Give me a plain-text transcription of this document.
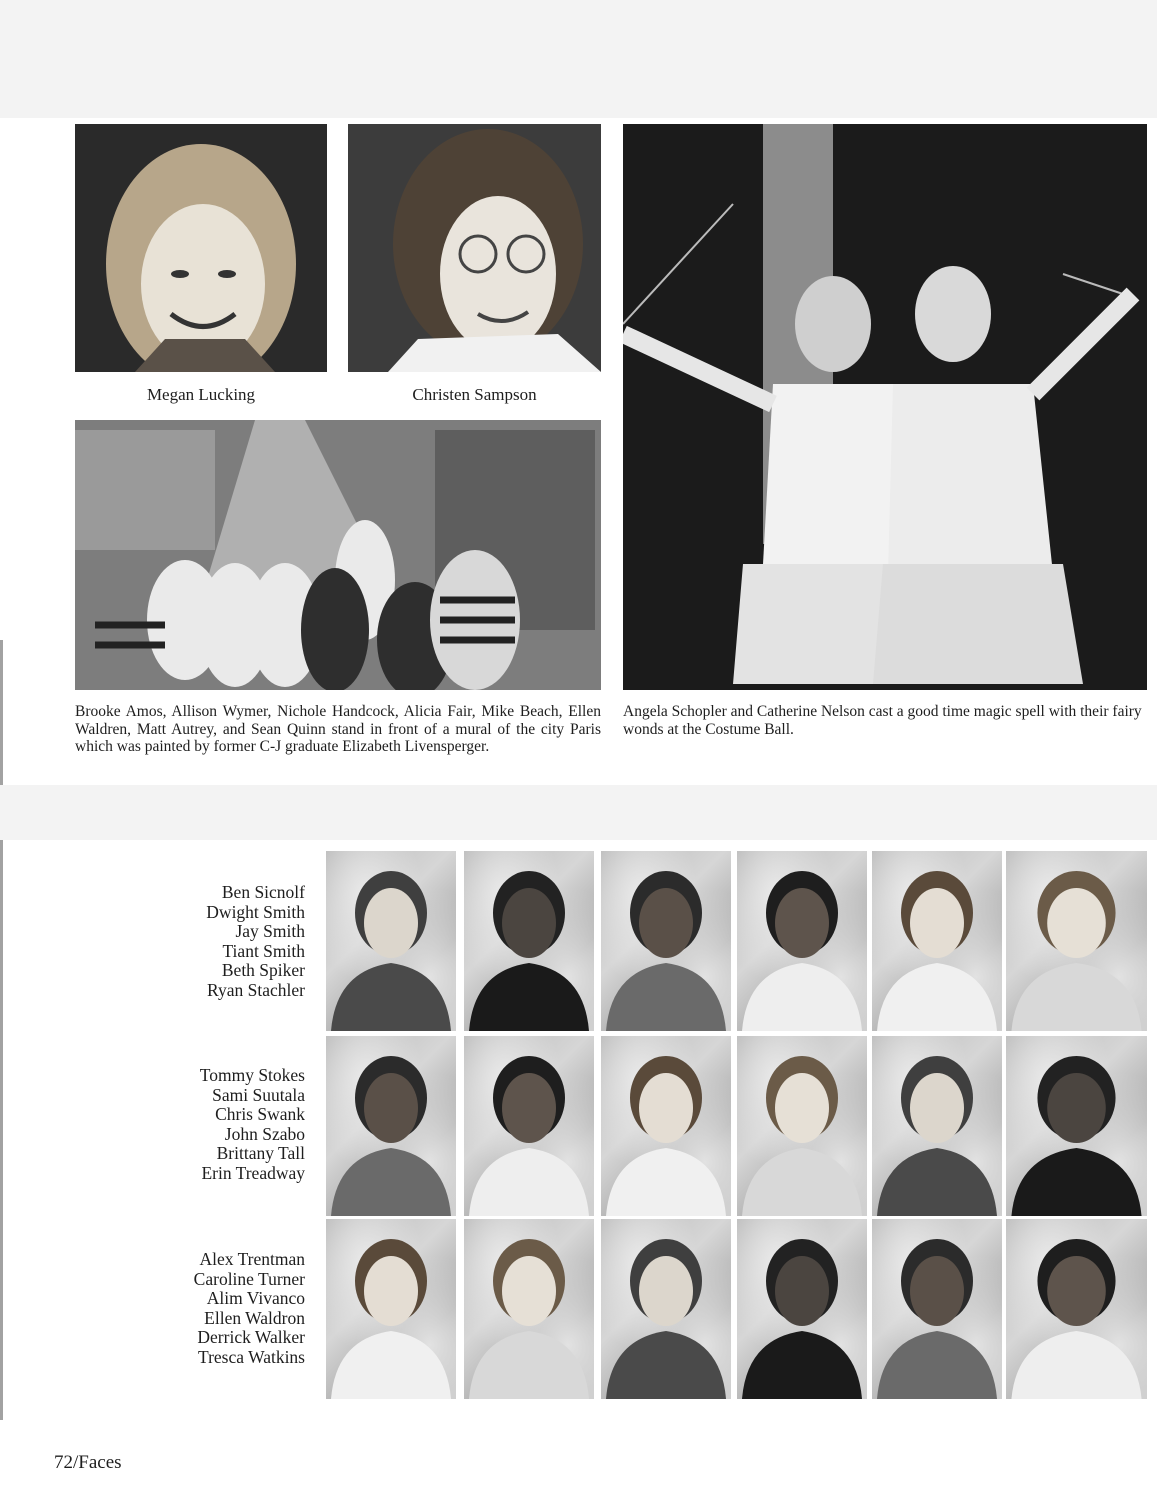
Megan Lucking	Christen Sampson
Brooke Amos, Allison Wymer, Nichole Handcock, Alicia Fair, Mike Beach, Ellen Waldren, Matt Autrey, and Sean Quinn stand in front of a mural of the city Paris which was painted by former C-J graduate Elizabeth Livensperger.
Angela Schopler and Catherine Nelson cast a good time magic spell with their fairy wonds at the Costume Ball.
Ben Sicnolf
Dwight Smith
Jay Smith
Tiant Smith
Beth Spiker
Ryan Stachler
Tommy Stokes
Sami Suutala
Chris Swank
John Szabo
Brittany Tall
Erin Treadway
Alex Trentman
Caroline Turner
Alim Vivanco
Ellen Waldron
Derrick Walker
Tresca Watkins
72/Faces
